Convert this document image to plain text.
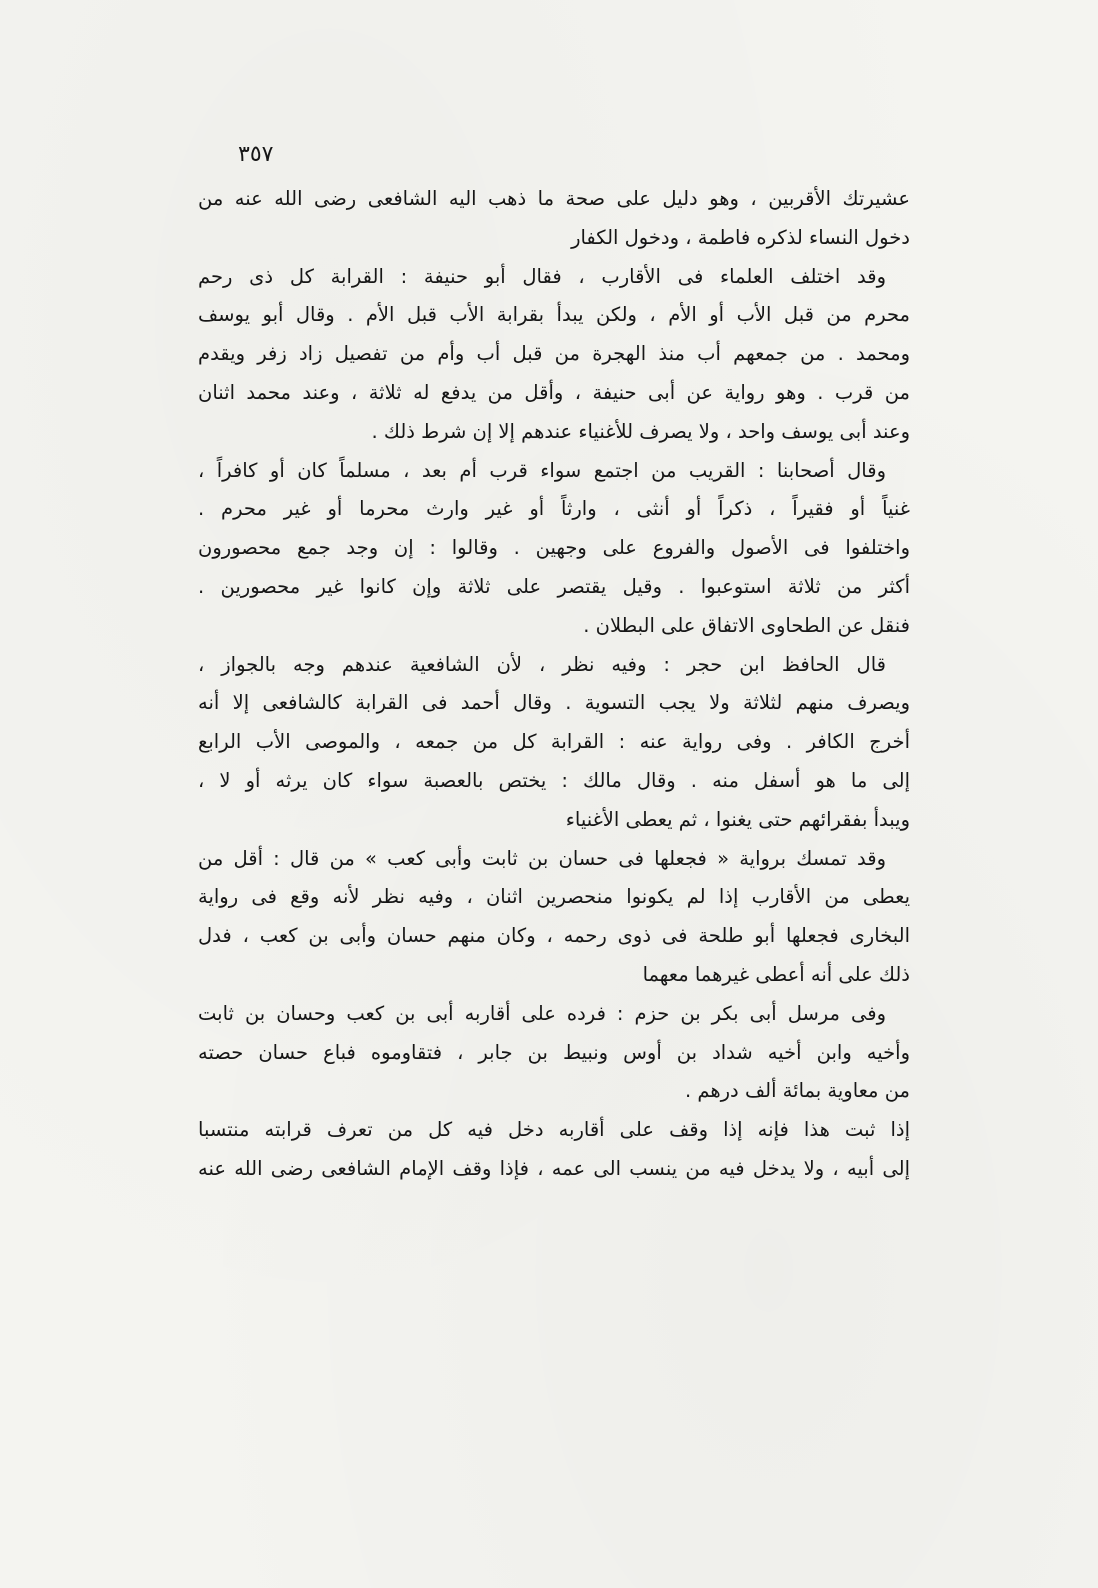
٣٥٧
عشيرتك الأقربين ، وهو دليل على صحة ما ذهب اليه الشافعى رضى الله عنه من
دخول النساء لذكره فاطمة ، ودخول الكفار
وقد اختلف العلماء فى الأقارب ، فقال أبو حنيفة : القرابة كل ذى رحم
محرم من قبل الأب أو الأم ، ولكن يبدأ بقرابة الأب قبل الأم . وقال أبو يوسف
ومحمد . من جمعهم أب منذ الهجرة من قبل أب وأم من تفصيل زاد زفر ويقدم
من قرب . وهو رواية عن أبى حنيفة ، وأقل من يدفع له ثلاثة ، وعند محمد اثنان
وعند أبى يوسف واحد ، ولا يصرف للأغنياء عندهم إلا إن شرط ذلك .
وقال أصحابنا : القريب من اجتمع سواء قرب أم بعد ، مسلماً كان أو كافراً ،
غنياً أو فقيراً ، ذكراً أو أنثى ، وارثاً أو غير وارث محرما أو غير محرم .
واختلفوا فى الأصول والفروع على وجهين . وقالوا : إن وجد جمع محصورون
أكثر من ثلاثة استوعبوا . وقيل يقتصر على ثلاثة وإن كانوا غير محصورين .
فنقل عن الطحاوى الاتفاق على البطلان .
قال الحافظ ابن حجر : وفيه نظر ، لأن الشافعية عندهم وجه بالجواز ،
ويصرف منهم لثلاثة ولا يجب التسوية . وقال أحمد فى القرابة كالشافعى إلا أنه
أخرج الكافر . وفى رواية عنه : القرابة كل من جمعه ، والموصى الأب الرابع
إلى ما هو أسفل منه . وقال مالك : يختص بالعصبة سواء كان يرثه أو لا ،
ويبدأ بفقرائهم حتى يغنوا ، ثم يعطى الأغنياء
وقد تمسك برواية « فجعلها فى حسان بن ثابت وأبى كعب » من قال : أقل من
يعطى من الأقارب إذا لم يكونوا منحصرين اثنان ، وفيه نظر لأنه وقع فى رواية
البخارى فجعلها أبو طلحة فى ذوى رحمه ، وكان منهم حسان وأبى بن كعب ، فدل
ذلك على أنه أعطى غيرهما معهما
وفى مرسل أبى بكر بن حزم : فرده على أقاربه أبى بن كعب وحسان بن ثابت
وأخيه وابن أخيه شداد بن أوس ونبيط بن جابر ، فتقاوموه فباع حسان حصته
من معاوية بمائة ألف درهم .
إذا ثبت هذا فإنه إذا وقف على أقاربه دخل فيه كل من تعرف قرابته منتسبا
إلى أبيه ، ولا يدخل فيه من ينسب الى عمه ، فإذا وقف الإمام الشافعى رضى الله عنه
